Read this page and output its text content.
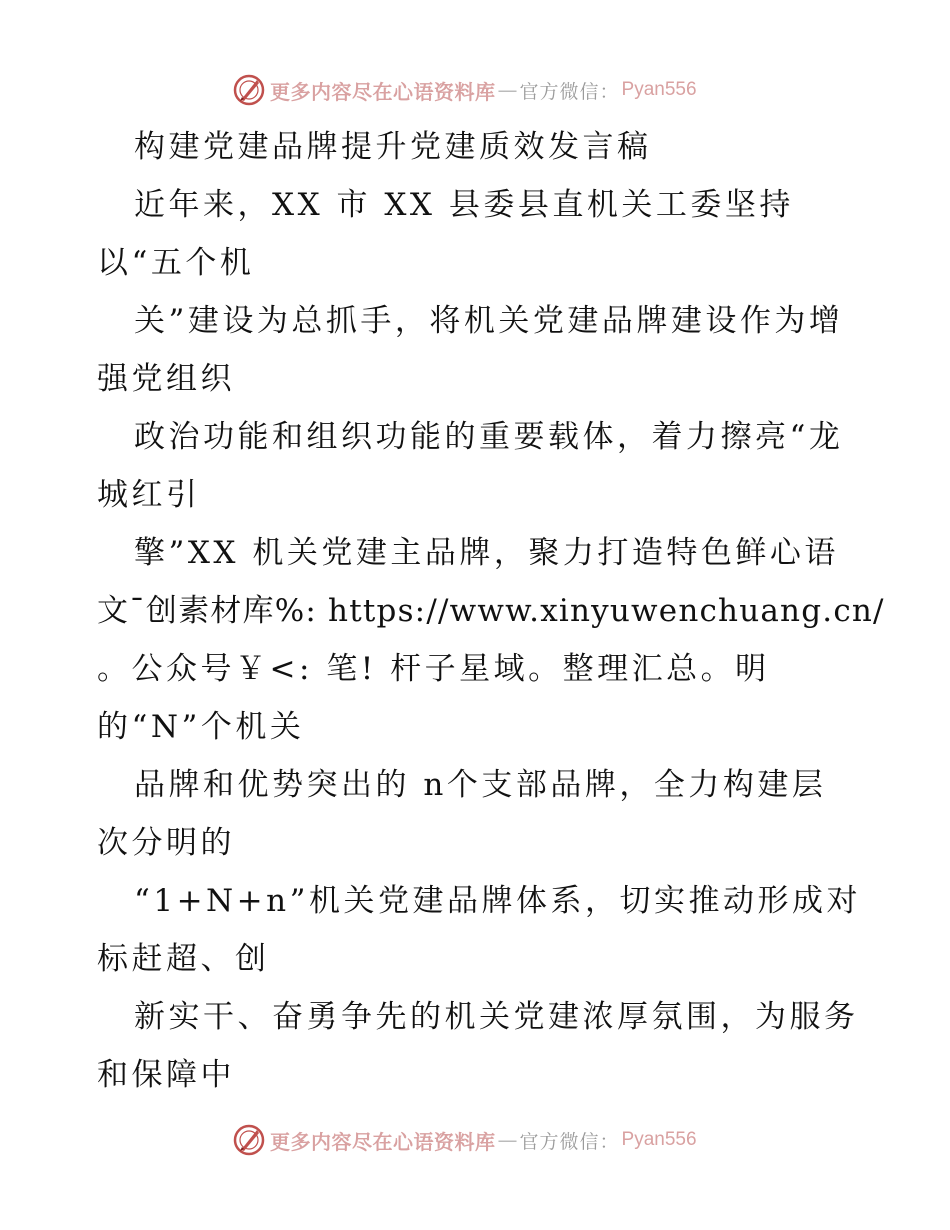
更多内容尽在心语资料库 — 官方微信： Pyan556
构建党建品牌提升党建质效发言稿
近年来，XX 市 XX 县委县直机关工委坚持
以“五个机
关”建设为总抓手，将机关党建品牌建设作为增
强党组织
政治功能和组织功能的重要载体，着力擦亮“龙
城红引
擎”XX 机关党建主品牌，聚力打造特色鲜心语
文¯创素材库%: https://www.xinyuwenchuang.cn/
。公众号￥<: 笔! 杆子星域。整理汇总。明
的“N”个机关
品牌和优势突出的 n个支部品牌，全力构建层
次分明的
“1+N+n”机关党建品牌体系，切实推动形成对
标赶超、创
新实干、奋勇争先的机关党建浓厚氛围，为服务
和保障中
更多内容尽在心语资料库 — 官方微信： Pyan556
